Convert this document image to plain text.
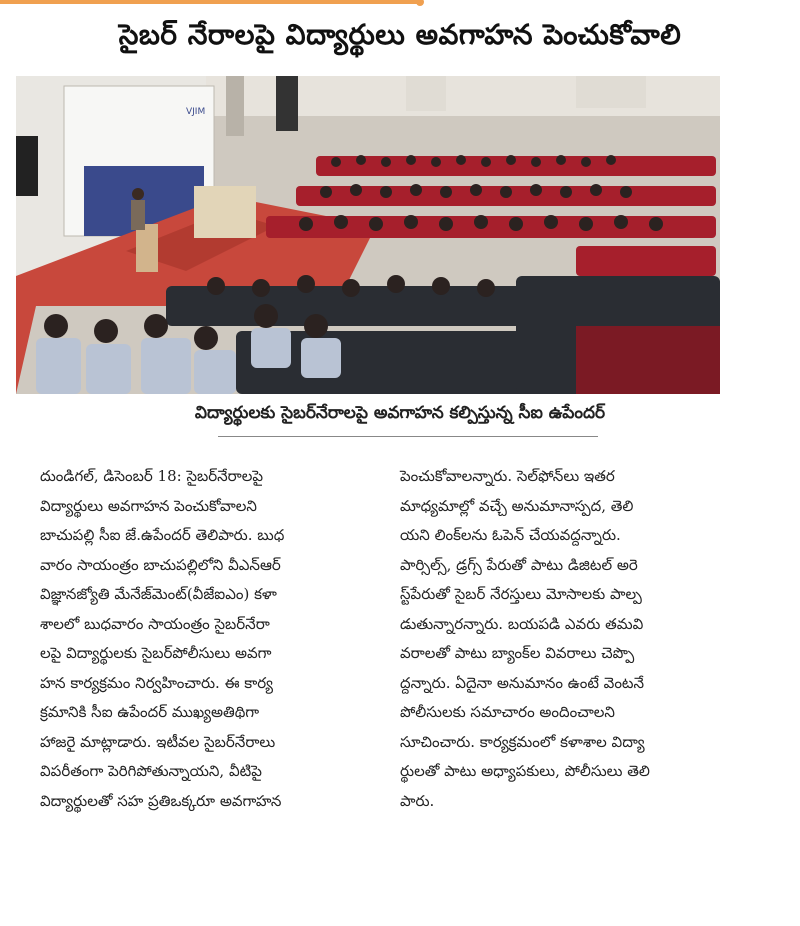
సైబర్ నేరాలపై విద్యార్థులు అవగాహన పెంచుకోవాలి
VJIM
విద్యార్థులకు సైబర్‌నేరాలపై అవగాహన కల్పిస్తున్న సీఐ ఉపేందర్
దుండిగల్, డిసెంబర్ 18: సైబర్‌నేరాలపై
విద్యార్థులు అవగాహన పెంచుకోవాలని
బాచుపల్లి సీఐ జే.ఉపేందర్ తెలిపారు. బుధ
వారం సాయంత్రం బాచుపల్లిలోని వీఎన్‌ఆర్
విజ్ఞానజ్యోతి మేనేజ్‌మెంట్(వీజేఐఎం) కళా
శాలలో బుధవారం సాయంత్రం సైబర్‌నేరా
లపై విద్యార్థులకు సైబర్‌పోలీసులు అవగా
హన కార్యక్రమం నిర్వహించారు. ఈ కార్య
క్రమానికి సీఐ ఉపేందర్ ముఖ్యఅతిథిగా
హాజరై మాట్లాడారు. ఇటీవల సైబర్‌నేరాలు
విపరీతంగా పెరిగిపోతున్నాయని, వీటిపై
విద్యార్థులతో సహ ప్రతిఒక్కరూ అవగాహన
పెంచుకోవాలన్నారు. సెల్‌ఫోన్‌లు ఇతర
మాధ్యమాల్లో వచ్చే అనుమానాస్పద, తెలి
యని లింక్‌లను ఓపెన్ చేయవద్దన్నారు.
పార్సిల్స్, డ్రగ్స్ పేరుతో పాటు డిజిటల్ అరె
స్ట్‌పేరుతో సైబర్ నేరస్తులు మోసాలకు పాల్ప
డుతున్నారన్నారు. బయపడి ఎవరు తమవి
వరాలతో పాటు బ్యాంక్‌ల వివరాలు చెప్పొ
ద్దన్నారు. ఏదైనా అనుమానం ఉంటే వెంటనే
పోలీసులకు సమాచారం అందించాలని
సూచించారు. కార్యక్రమంలో కళాశాల విద్యా
ర్థులతో పాటు అధ్యాపకులు, పోలీసులు తెలి
పారు.
